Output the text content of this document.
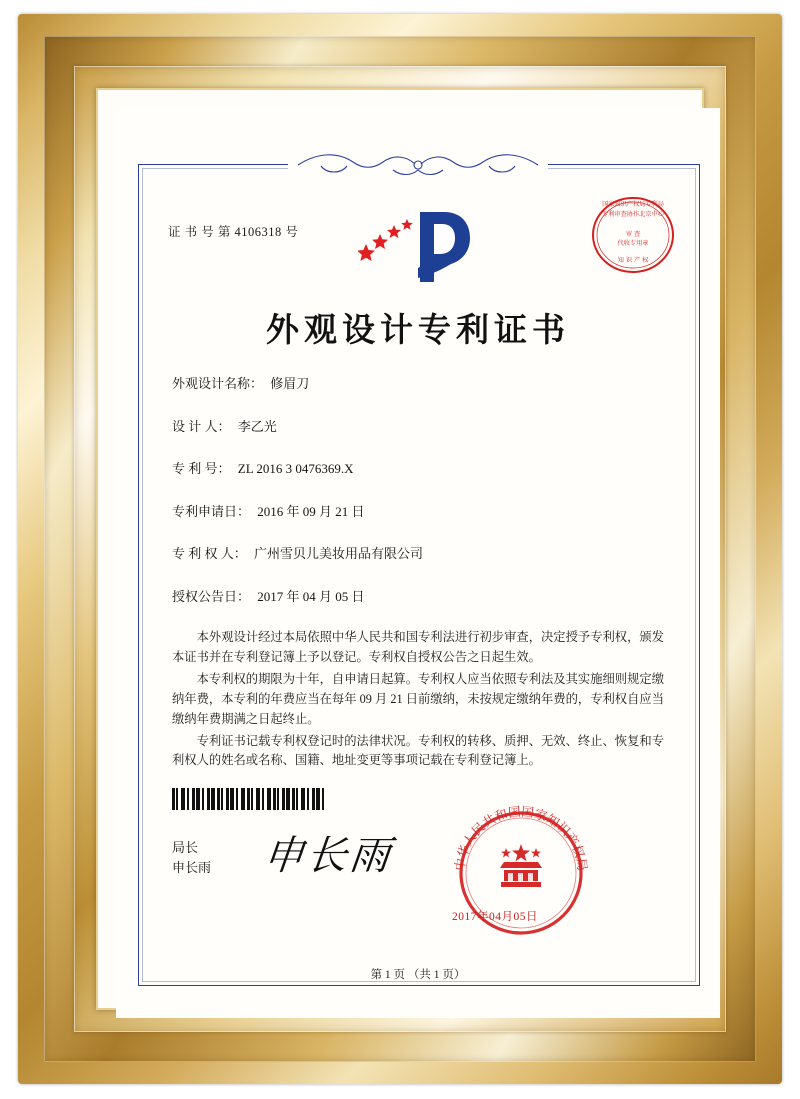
证 书 号 第 4106318 号
国家知识产权局专利局
专利审查协作北京中心
审 查
代收专用章
知 识 产 权
外观设计专利证书
外观设计名称： 修眉刀
设 计 人： 李乙光
专 利 号： ZL 2016 3 0476369.X
专利申请日： 2016 年 09 月 21 日
专 利 权 人： 广州雪贝儿美妆用品有限公司
授权公告日： 2017 年 04 月 05 日

本外观设计经过本局依照中华人民共和国专利法进行初步审查，决定授予专利权，颁发本证书并在专利登记簿上予以登记。专利权自授权公告之日起生效。

本专利权的期限为十年，自申请日起算。专利权人应当依照专利法及其实施细则规定缴纳年费，本专利的年费应当在每年 09 月 21 日前缴纳，未按规定缴纳年费的，专利权自应当缴纳年费期满之日起终止。

专利证书记载专利权登记时的法律状况。专利权的转移、质押、无效、终止、恢复和专利权人的姓名或名称、国籍、地址变更等事项记载在专利登记簿上。

局长
申长雨 申长雨	中华人民共和国国家知识产权局
2017年04月05日
第 1 页 （共 1 页）
